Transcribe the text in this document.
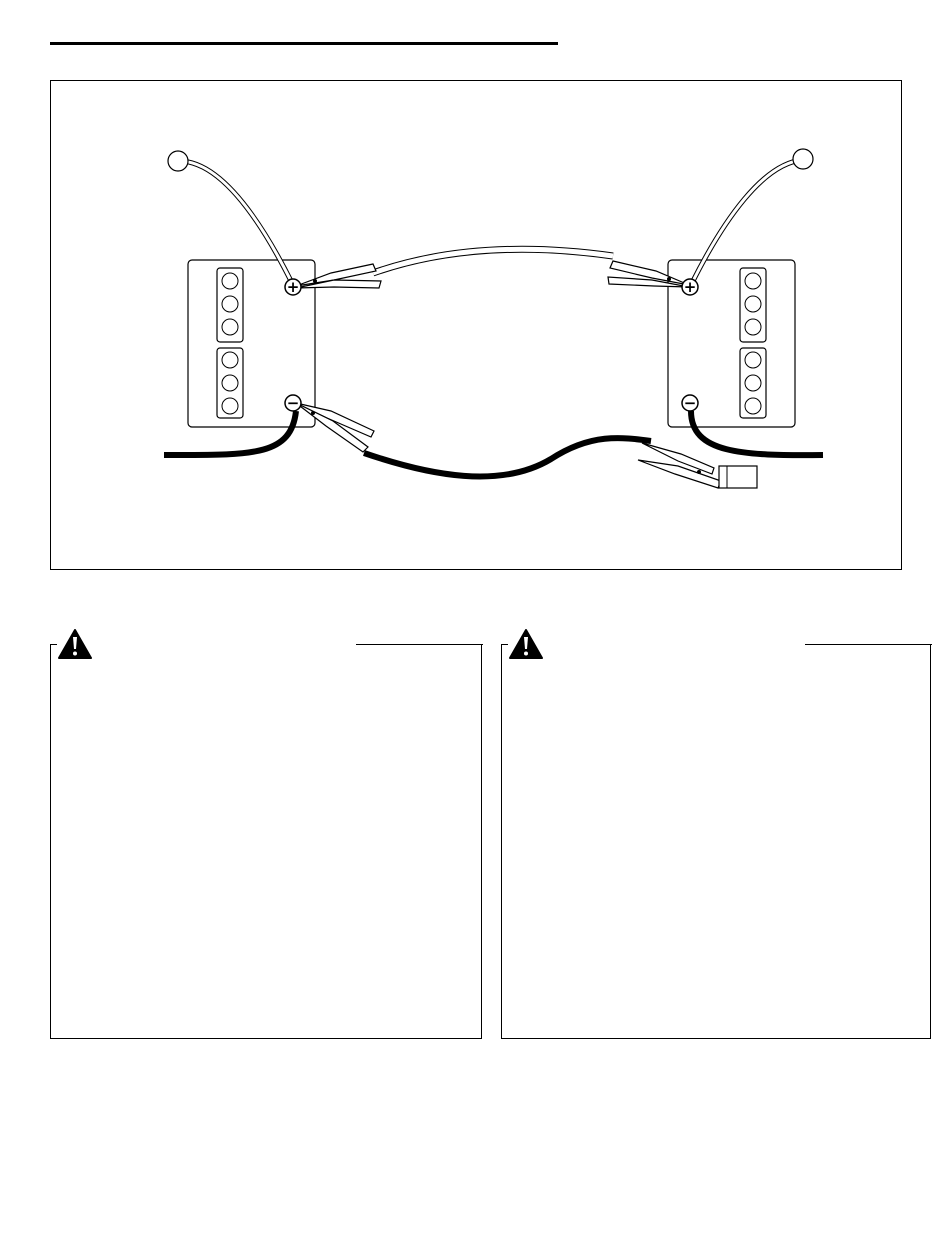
+	+
−	−
